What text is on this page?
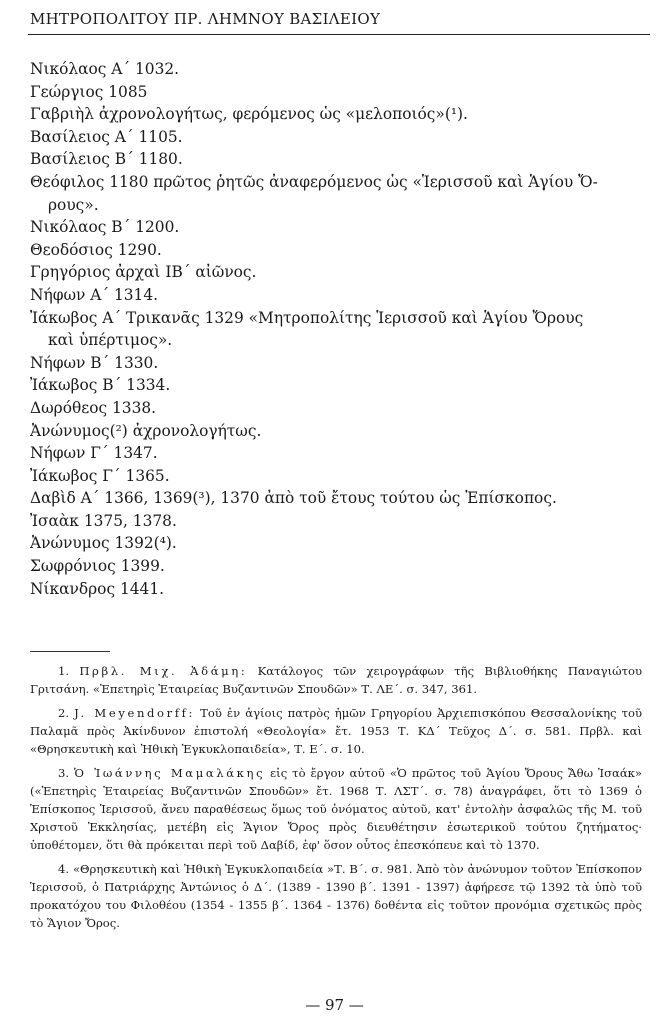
ΜΗΤΡΟΠΟΛΙΤΟΥ ΠΡ. ΛΗΜΝΟΥ ΒΑΣΙΛΕΙΟΥ

Νικόλαος Α΄ 1032.

Γεώργιος 1085

Γαβριὴλ ἀχρονολογήτως, φερόμενος ὡς «μελοποιός»(¹).

Βασίλειος Α΄ 1105.

Βασίλειος Β΄ 1180.

Θεόφιλος 1180 πρῶτος ῥητῶς ἀναφερόμενος ὡς «Ἱερισσοῦ καὶ Ἁγίου Ὄ-
ρους».

Νικόλαος Β΄ 1200.

Θεοδόσιος 1290.

Γρηγόριος ἀρχαὶ ΙΒ΄ αἰῶνος.

Νήφων Α΄ 1314.

Ἰάκωβος Α΄ Τρικανᾶς 1329 «Μητροπολίτης Ἱερισσοῦ καὶ Ἁγίου Ὄρους
καὶ ὑπέρτιμος».

Νήφων Β΄ 1330.

Ἰάκωβος Β΄ 1334.

Δωρόθεος 1338.

Ἀνώνυμος(²) ἀχρονολογήτως.

Νήφων Γ΄ 1347.

Ἰάκωβος Γ΄ 1365.

Δαβὶδ Α΄ 1366, 1369(³), 1370 ἀπὸ τοῦ ἔτους τούτου ὡς Ἐπίσκοπος.

Ἰσαὰκ 1375, 1378.

Ἀνώνυμος 1392(⁴).

Σωφρόνιος 1399.

Νίκανδρος 1441.

1. Πρβλ. Μιχ. Ἀδάμη: Κατάλογος τῶν χειρογράφων τῆς Βιβλιοθήκης Παναγιώτου Γριτσάνη. «Ἐπετηρὶς Ἑταιρείας Βυζαντινῶν Σπουδῶν» Τ. ΛΕ΄. σ. 347, 361.

2. J. Meyendorff: Τοῦ ἐν ἁγίοις πατρὸς ἡμῶν Γρηγορίου Ἀρχιεπισκόπου Θεσσαλονίκης τοῦ Παλαμᾶ πρὸς Ἀκίνδυνον ἐπιστολή «Θεολογία» ἔτ. 1953 Τ. ΚΔ΄ Τεῦχος Δ΄. σ. 581. Πρβλ. καὶ «Θρησκευτικὴ καὶ Ἠθικὴ Ἐγκυκλοπαιδεία», Τ. Ε΄. σ. 10.

3. Ὁ Ἰωάννης Μαμαλάκης εἰς τὸ ἔργον αὐτοῦ «Ὁ πρῶτος τοῦ Ἁγίου Ὄρους Ἄθω Ἰσαάκ» («Ἐπετηρὶς Ἑταιρείας Βυζαντινῶν Σπουδῶν» ἔτ. 1968 Τ. ΛΣΤ΄. σ. 78) ἀναγράφει, ὅτι τὸ 1369 ὁ Ἐπίσκοπος Ἱερισσοῦ, ἄνευ παραθέσεως ὅμως τοῦ ὀνόματος αὐτοῦ, κατ' ἐντολὴν ἀσφαλῶς τῆς Μ. τοῦ Χριστοῦ Ἐκκλησίας, μετέβη εἰς Ἅγιον Ὄρος πρὸς διευθέτησιν ἐσωτερικοῦ τούτου ζητήματος· ὑποθέτομεν, ὅτι θὰ πρόκειται περὶ τοῦ Δαβίδ, ἐφ' ὅσον οὗτος ἐπεσκόπευε καὶ τὸ 1370.

4. «Θρησκευτικὴ καὶ Ἠθικὴ Ἐγκυκλοπαιδεία »Τ. Β΄. σ. 981. Ἀπὸ τὸν ἀνώνυμον τοῦτον Ἐπίσκοπον Ἱερισσοῦ, ὁ Πατριάρχης Ἀντώνιος ὁ Δ΄. (1389 - 1390 β΄. 1391 - 1397) ἀφήρεσε τῷ 1392 τὰ ὑπὸ τοῦ προκατόχου του Φιλοθέου (1354 - 1355 β΄. 1364 - 1376) δοθέντα εἰς τοῦτον προνόμια σχετικῶς πρὸς τὸ Ἅγιον Ὄρος.

— 97 —
